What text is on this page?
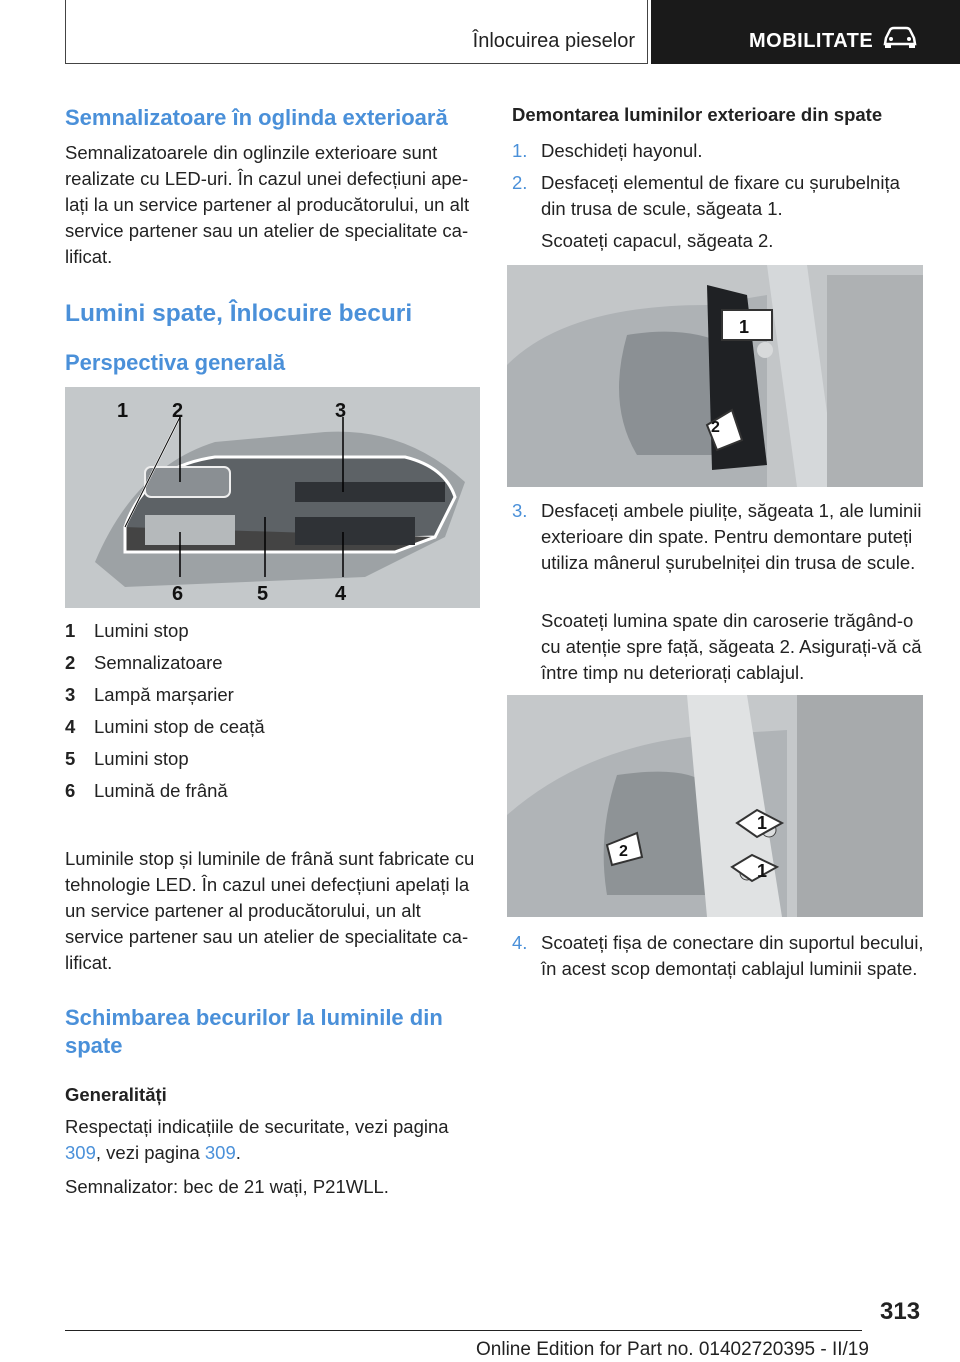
Înlocuirea pieselor	MOBILITATE
Semnalizatoare în oglinda exterioară

Semnalizatoarele din oglinzile exterioare sunt realizate cu LED-uri. În cazul unei defecțiuni apelați la un service partener al producătorului, un alt service partener sau un atelier de specialitate calificat.

Lumini spate, Înlocuire becuri
Perspectiva generală
1 2	3
6	5	4
1 Lumini stop
2 Semnalizatoare
3 Lampă marșarier
4 Lumini stop de ceață
5 Lumini stop
6 Lumină de frână

Luminile stop și luminile de frână sunt fabricate cu tehnologie LED. În cazul unei defecțiuni apelați la un service partener al producătorului, un alt service partener sau un atelier de specialitate calificat.

Schimbarea becurilor la luminile din spate
Generalități

Respectați indicațiile de securitate, vezi pagina 309, vezi pagina 309.

Semnalizator: bec de 21 wați, P21WLL.

Demontarea luminilor exterioare din spate
1. Deschideți hayonul.
2. Desfaceți elementul de fixare cu șurubelnița din trusa de scule, săgeata 1.
Scoateți capacul, săgeata 2.
3. Desfaceți ambele piulițe, săgeata 1, ale luminii exterioare din spate. Pentru demontare puteți utiliza mânerul șurubelniței din trusa de scule.
Scoateți lumina spate din caroserie trăgând-o cu atenție spre față, săgeata 2. Asigurați-vă că între timp nu deteriorați cablajul.
4. Scoateți fișa de conectare din suportul becului, în acest scop demontați cablajul luminii spate.
1
2
1
1
2
313
Online Edition for Part no. 01402720395 - II/19
